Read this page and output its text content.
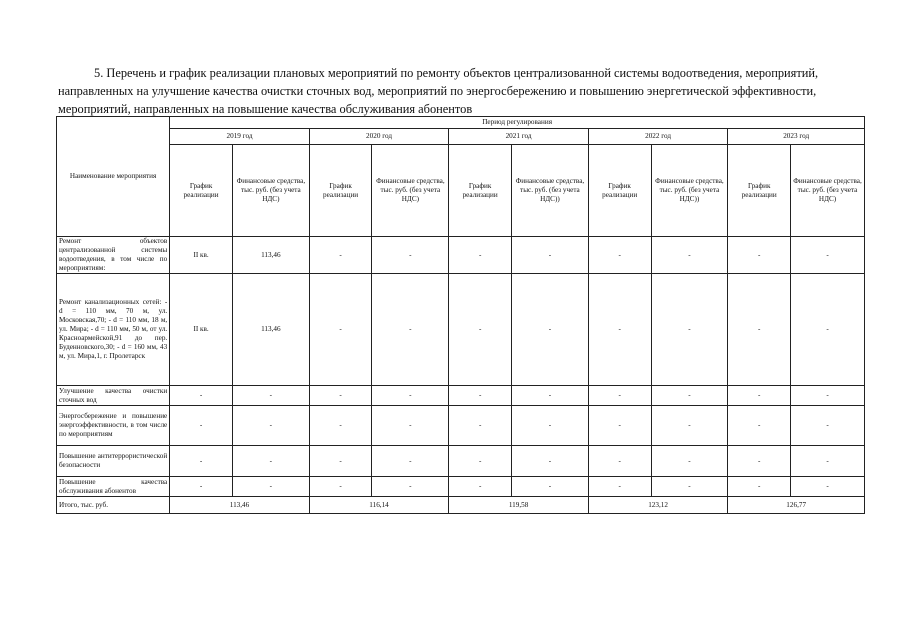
5. Перечень и график реализации плановых мероприятий по ремонту объектов централизованной системы водоотведения, мероприятий, направленных на улучшение качества очистки сточных вод, мероприятий по энергосбережению и повышению энергетической эффективности, мероприятий, направленных на повышение качества обслуживания абонентов

Наименование мероприятия	Период регулирования									
	2019 год		2020 год		2021 год		2022 год		2023 год	
	График реализации	Финансовые средства, тыс. руб. (без учета НДС)	График реализации	Финансовые средства, тыс. руб. (без учета НДС)	График реализации	Финансовые средства, тыс. руб. (без учета НДС))	График реализации	Финансовые средства, тыс. руб. (без учета НДС))	График реализации	Финансовые средства, тыс. руб. (без учета НДС)
Ремонт объектов централизованной системы водоотведения, в том числе по мероприятиям:	II кв.	113,46	-	-	-	-	-	-	-	-
Ремонт канализационных сетей: - d = 110 мм, 70 м, ул. Московская,70; - d = 110 мм, 18 м, ул. Мира; - d = 110 мм, 50 м, от ул. Красноармейской,91 до пер. Буденновского,30; - d = 160 мм, 43 м, ул. Мира,1, г. Пролетарск	II кв.	113,46	-	-	-	-	-	-	-	-
Улучшение качества очистки сточных вод	-	-	-	-	-	-	-	-	-	-
Энергосбережение и повышение энергоэффективности, в том числе по мероприятиям	-	-	-	-	-	-	-	-	-	-
Повышение антитеррористической безопасности	-	-	-	-	-	-	-	-	-	-
Повышение качества обслуживания абонентов	-	-	-	-	-	-	-	-	-	-
Итого, тыс. руб.	113,46		116,14		119,58		123,12		126,77	
